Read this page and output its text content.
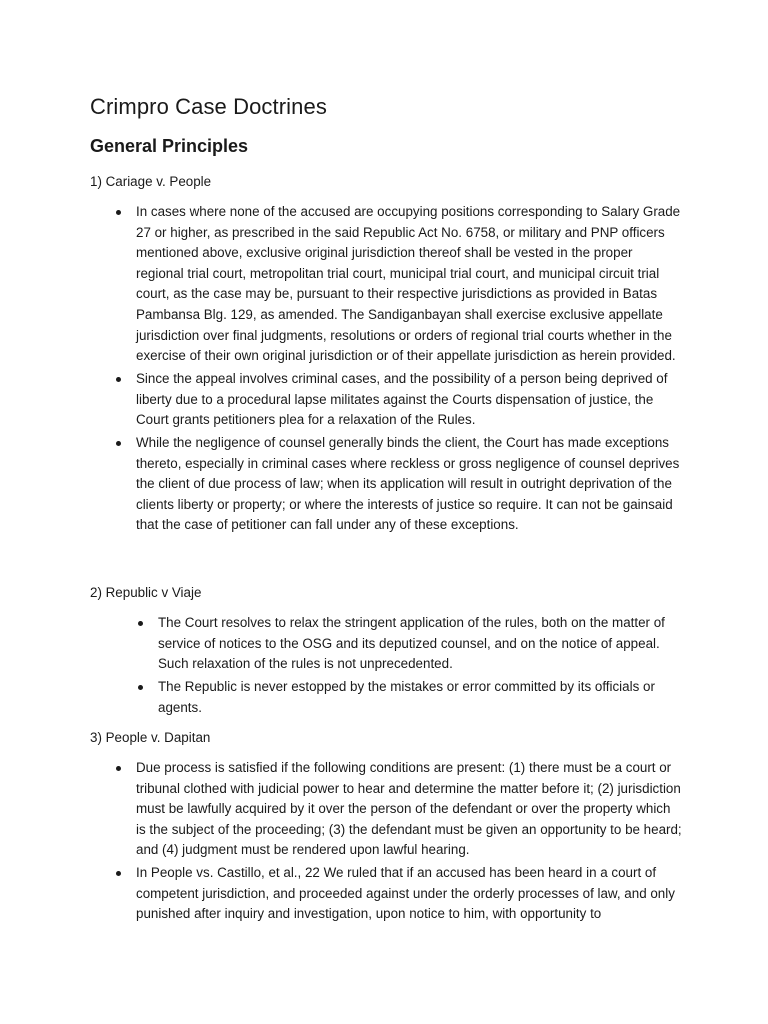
Crimpro Case Doctrines
General Principles

1) Cariage v. People

In cases where none of the accused are occupying positions corresponding to Salary Grade 27 or higher, as prescribed in the said Republic Act No. 6758, or military and PNP officers mentioned above, exclusive original jurisdiction thereof shall be vested in the proper regional trial court, metropolitan trial court, municipal trial court, and municipal circuit trial court, as the case may be, pursuant to their respective jurisdictions as provided in Batas Pambansa Blg. 129, as amended. The Sandiganbayan shall exercise exclusive appellate jurisdiction over final judgments, resolutions or orders of regional trial courts whether in the exercise of their own original jurisdiction or of their appellate jurisdiction as herein provided.
Since the appeal involves criminal cases, and the possibility of a person being deprived of liberty due to a procedural lapse militates against the Courts dispensation of justice, the Court grants petitioners plea for a relaxation of the Rules.
While the negligence of counsel generally binds the client, the Court has made exceptions thereto, especially in criminal cases where reckless or gross negligence of counsel deprives the client of due process of law; when its application will result in outright deprivation of the clients liberty or property; or where the interests of justice so require. It can not be gainsaid that the case of petitioner can fall under any of these exceptions.

2) Republic v Viaje

The Court resolves to relax the stringent application of the rules, both on the matter of service of notices to the OSG and its deputized counsel, and on the notice of appeal. Such relaxation of the rules is not unprecedented.
The Republic is never estopped by the mistakes or error committed by its officials or agents.

3) People v. Dapitan

Due process is satisfied if the following conditions are present: (1) there must be a court or tribunal clothed with judicial power to hear and determine the matter before it; (2) jurisdiction must be lawfully acquired by it over the person of the defendant or over the property which is the subject of the proceeding; (3) the defendant must be given an opportunity to be heard; and (4) judgment must be rendered upon lawful hearing.
In People vs. Castillo, et al., 22 We ruled that if an accused has been heard in a court of competent jurisdiction, and proceeded against under the orderly processes of law, and only punished after inquiry and investigation, upon notice to him, with opportunity to
